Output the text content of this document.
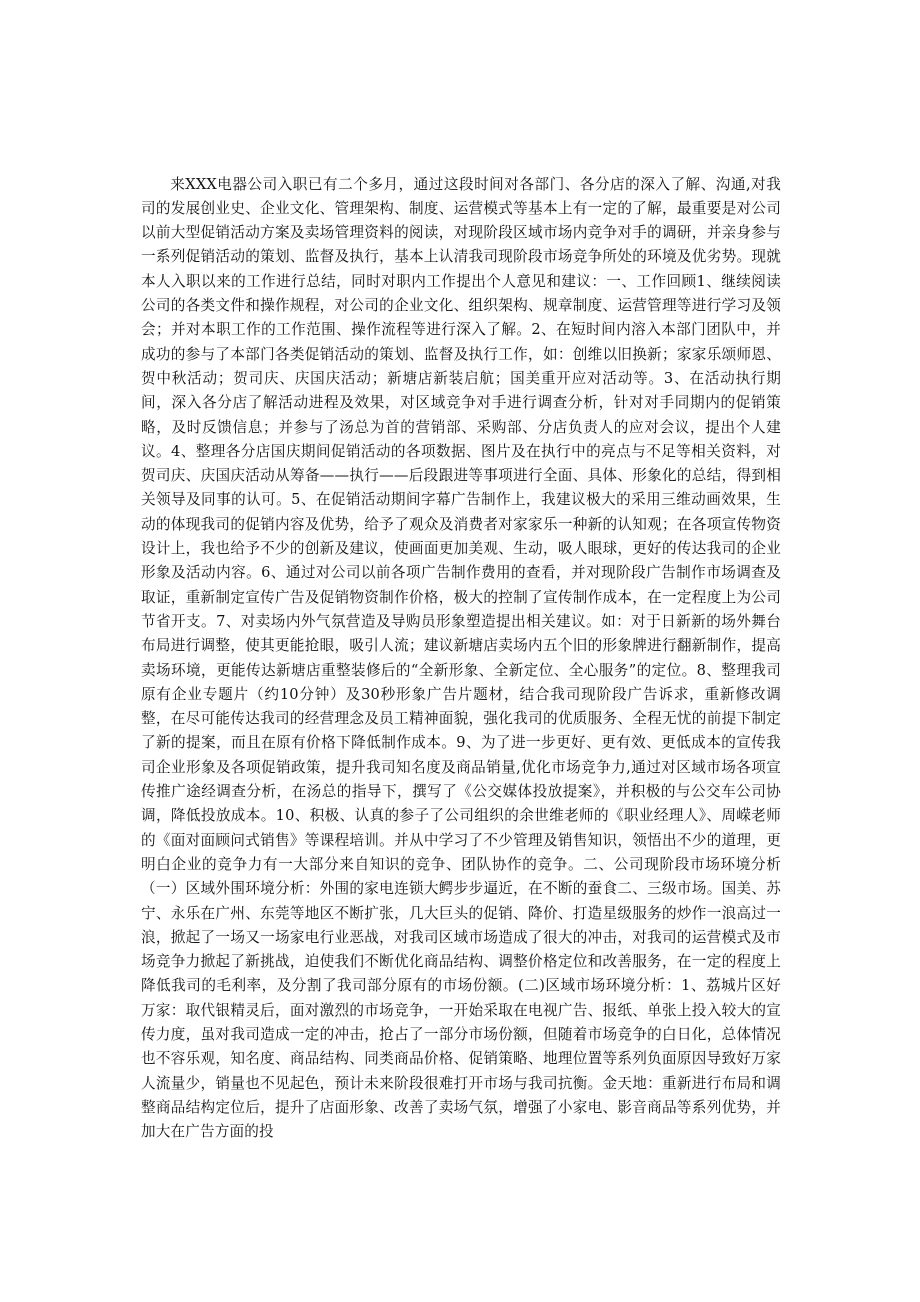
来XXX电器公司入职已有二个多月，通过这段时间对各部门、各分店的深入了解、沟通,对我司的发展创业史、企业文化、管理架构、制度、运营模式等基本上有一定的了解，最重要是对公司以前大型促销活动方案及卖场管理资料的阅读，对现阶段区域市场内竞争对手的调研，并亲身参与一系列促销活动的策划、监督及执行，基本上认清我司现阶段市场竞争所处的环境及优劣势。现就本人入职以来的工作进行总结，同时对职内工作提出个人意见和建议：一、工作回顾1、继续阅读公司的各类文件和操作规程，对公司的企业文化、组织架构、规章制度、运营管理等进行学习及领会；并对本职工作的工作范围、操作流程等进行深入了解。2、在短时间内溶入本部门团队中，并成功的参与了本部门各类促销活动的策划、监督及执行工作，如：创维以旧换新；家家乐颂师恩、贺中秋活动；贺司庆、庆国庆活动；新塘店新装启航；国美重开应对活动等。3、在活动执行期间，深入各分店了解活动进程及效果，对区域竞争对手进行调查分析，针对对手同期内的促销策略，及时反馈信息；并参与了汤总为首的营销部、采购部、分店负责人的应对会议，提出个人建议。4、整理各分店国庆期间促销活动的各项数据、图片及在执行中的亮点与不足等相关资料，对贺司庆、庆国庆活动从筹备——执行——后段跟进等事项进行全面、具体、形象化的总结，得到相关领导及同事的认可。5、在促销活动期间字幕广告制作上，我建议极大的采用三维动画效果，生动的体现我司的促销内容及优势，给予了观众及消费者对家家乐一种新的认知观；在各项宣传物资设计上，我也给予不少的创新及建议，使画面更加美观、生动，吸人眼球，更好的传达我司的企业形象及活动内容。6、通过对公司以前各项广告制作费用的查看，并对现阶段广告制作市场调查及取证，重新制定宣传广告及促销物资制作价格，极大的控制了宣传制作成本，在一定程度上为公司节省开支。7、对卖场内外气氛营造及导购员形象塑造提出相关建议。如：对于日新新的场外舞台布局进行调整，使其更能抢眼，吸引人流；建议新塘店卖场内五个旧的形象牌进行翻新制作，提高卖场环境，更能传达新塘店重整装修后的“全新形象、全新定位、全心服务”的定位。8、整理我司原有企业专题片（约10分钟）及30秒形象广告片题材，结合我司现阶段广告诉求，重新修改调整，在尽可能传达我司的经营理念及员工精神面貌，强化我司的优质服务、全程无忧的前提下制定了新的提案，而且在原有价格下降低制作成本。9、为了进一步更好、更有效、更低成本的宣传我司企业形象及各项促销政策，提升我司知名度及商品销量,优化市场竞争力,通过对区域市场各项宣传推广途经调查分析，在汤总的指导下，撰写了《公交媒体投放提案》，并积极的与公交车公司协调，降低投放成本。10、积极、认真的参子了公司组织的余世维老师的《职业经理人》、周嵘老师的《面对面顾问式销售》等课程培训。并从中学习了不少管理及销售知识，领悟出不少的道理，更明白企业的竞争力有一大部分来自知识的竞争、团队协作的竞争。二、公司现阶段市场环境分析（一）区域外围环境分析：外围的家电连锁大鳄步步逼近，在不断的蚕食二、三级市场。国美、苏宁、永乐在广州、东莞等地区不断扩张，几大巨头的促销、降价、打造星级服务的炒作一浪高过一浪，掀起了一场又一场家电行业恶战，对我司区域市场造成了很大的冲击，对我司的运营模式及市场竞争力掀起了新挑战，迫使我们不断优化商品结构、调整价格定位和改善服务，在一定的程度上降低我司的毛利率，及分割了我司部分原有的市场份额。(二)区域市场环境分析：1、荔城片区好万家：取代银精灵后，面对激烈的市场竞争，一开始采取在电视广告、报纸、单张上投入较大的宣传力度，虽对我司造成一定的冲击，抢占了一部分市场份额，但随着市场竞争的白日化，总体情况也不容乐观，知名度、商品结构、同类商品价格、促销策略、地理位置等系列负面原因导致好万家人流量少，销量也不见起色，预计未来阶段很难打开市场与我司抗衡。金天地：重新进行布局和调整商品结构定位后，提升了店面形象、改善了卖场气氛，增强了小家电、影音商品等系列优势，并加大在广告方面的投
